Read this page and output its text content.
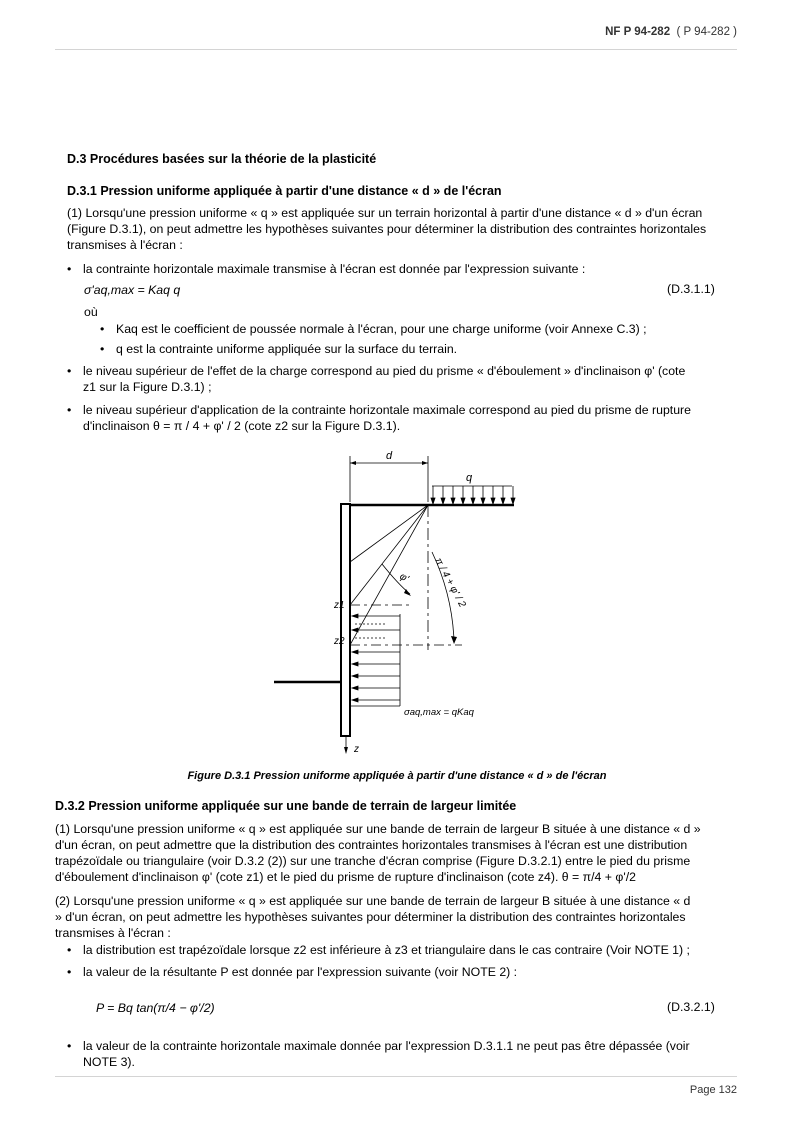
NF P 94-282 ( P 94-282 )
D.3 Procédures basées sur la théorie de la plasticité
D.3.1 Pression uniforme appliquée à partir d'une distance « d » de l'écran
(1) Lorsqu'une pression uniforme « q » est appliquée sur un terrain horizontal à partir d'une distance « d » d'un écran
(Figure D.3.1), on peut admettre les hypothèses suivantes pour déterminer la distribution des contraintes horizontales
transmises à l'écran :
• la contrainte horizontale maximale transmise à l'écran est donnée par l'expression suivante :
σ'aq,max = Kaq q	(D.3.1.1)
où
• Kaq est le coefficient de poussée normale à l'écran, pour une charge uniforme (voir Annexe C.3) ;
• q est la contrainte uniforme appliquée sur la surface du terrain.
• le niveau supérieur de l'effet de la charge correspond au pied du prisme « d'éboulement » d'inclinaison φ' (cote
z1 sur la Figure D.3.1) ;
• le niveau supérieur d'application de la contrainte horizontale maximale correspond au pied du prisme de rupture
d'inclinaison θ = π / 4 + φ' / 2 (cote z2 sur la Figure D.3.1).
d
q
z
φ' π / 4 + φ' / 2
z1
z2
σaq,max = qKaq
Figure D.3.1 Pression uniforme appliquée à partir d'une distance « d » de l'écran
D.3.2 Pression uniforme appliquée sur une bande de terrain de largeur limitée
(1) Lorsqu'une pression uniforme « q » est appliquée sur une bande de terrain de largeur B située à une distance « d »
d'un écran, on peut admettre que la distribution des contraintes horizontales transmises à l'écran est une distribution
trapézoïdale ou triangulaire (voir D.3.2 (2)) sur une tranche d'écran comprise (Figure D.3.2.1) entre le pied du prisme
d'éboulement d'inclinaison φ' (cote z1) et le pied du prisme de rupture d'inclinaison (cote z4). θ = π/4 + φ'/2
(2) Lorsqu'une pression uniforme « q » est appliquée sur une bande de terrain de largeur B située à une distance « d
» d'un écran, on peut admettre les hypothèses suivantes pour déterminer la distribution des contraintes horizontales
transmises à l'écran :
• la distribution est trapézoïdale lorsque z2 est inférieure à z3 et triangulaire dans le cas contraire (Voir NOTE 1) ;
• la valeur de la résultante P est donnée par l'expression suivante (voir NOTE 2) :
P = Bq tan(π/4 − φ'/2)	(D.3.2.1)
• la valeur de la contrainte horizontale maximale donnée par l'expression D.3.1.1 ne peut pas être dépassée (voir
NOTE 3).
Page 132
